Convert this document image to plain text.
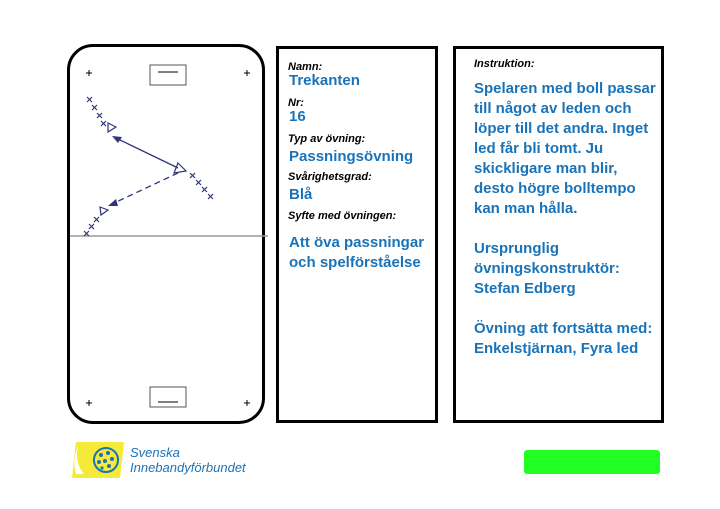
Namn:
Trekanten
Nr:
16
Typ av övning:
Passningsövning
Svårighetsgrad:
Blå
Syfte med övningen:
Att öva passningar och spelförståelse
Instruktion:
Spelaren med boll passar till något av leden och löper till det andra. Inget led får bli tomt. Ju skickligare man blir, desto högre bolltempo kan man hålla.

Ursprunglig övningskonstruktör: Stefan Edberg

Övning att fortsätta med: Enkelstjärnan, Fyra led
Svenska
Innebandyförbundet
